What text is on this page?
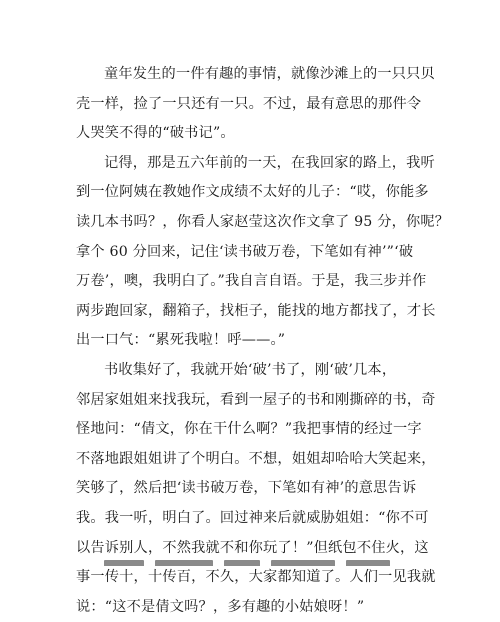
童年发生的一件有趣的事情，就像沙滩上的一只只贝
壳一样，捡了一只还有一只。不过，最有意思的那件令
人哭笑不得的“破书记”。
记得，那是五六年前的一天，在我回家的路上，我听
到一位阿姨在教她作文成绩不太好的儿子：“哎，你能多
读几本书吗？，你看人家赵莹这次作文拿了 95 分，你呢？
拿个 60 分回来，记住‘读书破万卷，下笔如有神’”‘破
万卷’，噢，我明白了。”我自言自语。于是，我三步并作
两步跑回家，翻箱子，找柜子，能找的地方都找了，才长
出一口气：“累死我啦！呼——。”
书收集好了，我就开始‘破’书了，刚‘破’几本，
邻居家姐姐来找我玩，看到一屋子的书和刚撕碎的书，奇
怪地问：“倩文，你在干什么啊？”我把事情的经过一字
不落地跟姐姐讲了个明白。不想，姐姐却哈哈大笑起来，
笑够了，然后把‘读书破万卷，下笔如有神’的意思告诉
我。我一听，明白了。回过神来后就威胁姐姐：“你不可
以告诉别人，不然我就不和你玩了！”但纸包不住火，这
事一传十，十传百，不久，大家都知道了。人们一见我就
说：“这不是倩文吗？，多有趣的小姑娘呀！”
